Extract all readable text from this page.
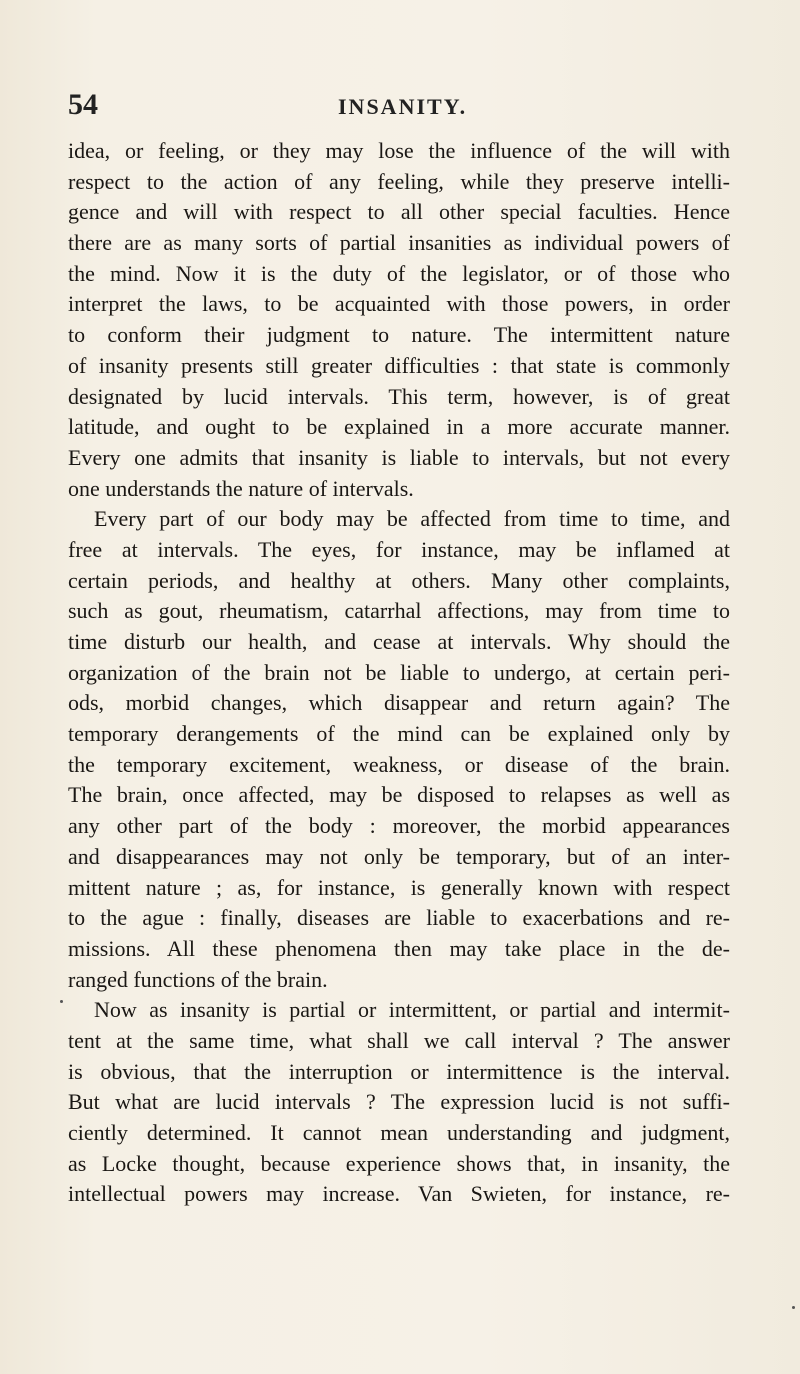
54	INSANITY.
idea, or feeling, or they may lose the influence of the will with
respect to the action of any feeling, while they preserve intelli-
gence and will with respect to all other special faculties. Hence
there are as many sorts of partial insanities as individual powers of
the mind. Now it is the duty of the legislator, or of those who
interpret the laws, to be acquainted with those powers, in order
to conform their judgment to nature. The intermittent nature
of insanity presents still greater difficulties : that state is commonly
designated by lucid intervals. This term, however, is of great
latitude, and ought to be explained in a more accurate manner.
Every one admits that insanity is liable to intervals, but not every
one understands the nature of intervals.
Every part of our body may be affected from time to time, and
free at intervals. The eyes, for instance, may be inflamed at
certain periods, and healthy at others. Many other complaints,
such as gout, rheumatism, catarrhal affections, may from time to
time disturb our health, and cease at intervals. Why should the
organization of the brain not be liable to undergo, at certain peri-
ods, morbid changes, which disappear and return again? The
temporary derangements of the mind can be explained only by
the temporary excitement, weakness, or disease of the brain.
The brain, once affected, may be disposed to relapses as well as
any other part of the body : moreover, the morbid appearances
and disappearances may not only be temporary, but of an inter-
mittent nature ; as, for instance, is generally known with respect
to the ague : finally, diseases are liable to exacerbations and re-
missions. All these phenomena then may take place in the de-
ranged functions of the brain.
Now as insanity is partial or intermittent, or partial and intermit-
tent at the same time, what shall we call interval ? The answer
is obvious, that the interruption or intermittence is the interval.
But what are lucid intervals ? The expression lucid is not suffi-
ciently determined. It cannot mean understanding and judgment,
as Locke thought, because experience shows that, in insanity, the
intellectual powers may increase. Van Swieten, for instance, re-
